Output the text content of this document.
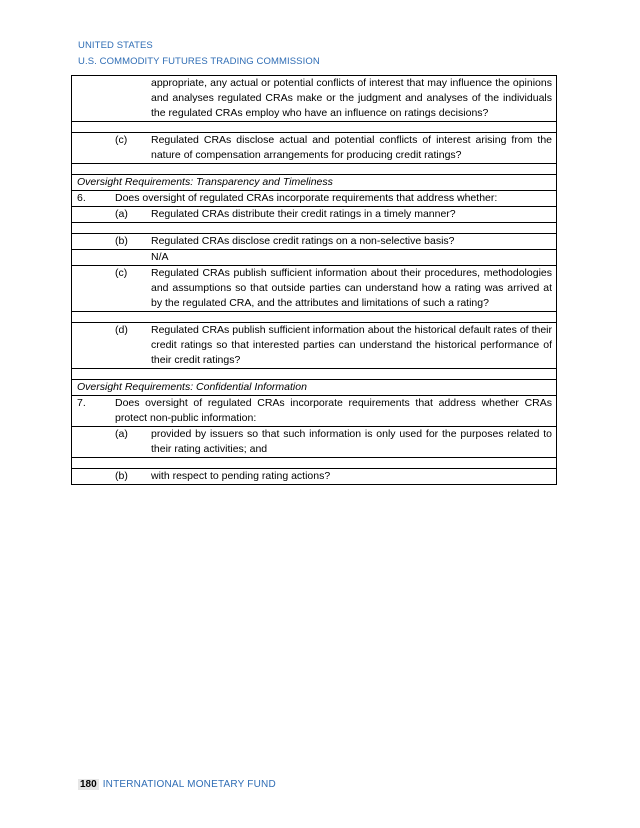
UNITED STATES
U.S. COMMODITY FUTURES TRADING COMMISSION
appropriate, any actual or potential conflicts of interest that may influence the opinions and analyses regulated CRAs make or the judgment and analyses of the individuals the regulated CRAs employ who have an influence on ratings decisions?

(c)	Regulated CRAs disclose actual and potential conflicts of interest arising from the nature of compensation arrangements for producing credit ratings?

Oversight Requirements: Transparency and Timeliness

6.	Does oversight of regulated CRAs incorporate requirements that address whether:

(a)	Regulated CRAs distribute their credit ratings in a timely manner?

(b)	Regulated CRAs disclose credit ratings on a non-selective basis?

N/A

(c)	Regulated CRAs publish sufficient information about their procedures, methodologies and assumptions so that outside parties can understand how a rating was arrived at by the regulated CRA, and the attributes and limitations of such a rating?

(d)	Regulated CRAs publish sufficient information about the historical default rates of their credit ratings so that interested parties can understand the historical performance of their credit ratings?

Oversight Requirements: Confidential Information

7.	Does oversight of regulated CRAs incorporate requirements that address whether CRAs protect non-public information:

(a)	provided by issuers so that such information is only used for the purposes related to their rating activities; and

(b)	with respect to pending rating actions?
180 INTERNATIONAL MONETARY FUND
